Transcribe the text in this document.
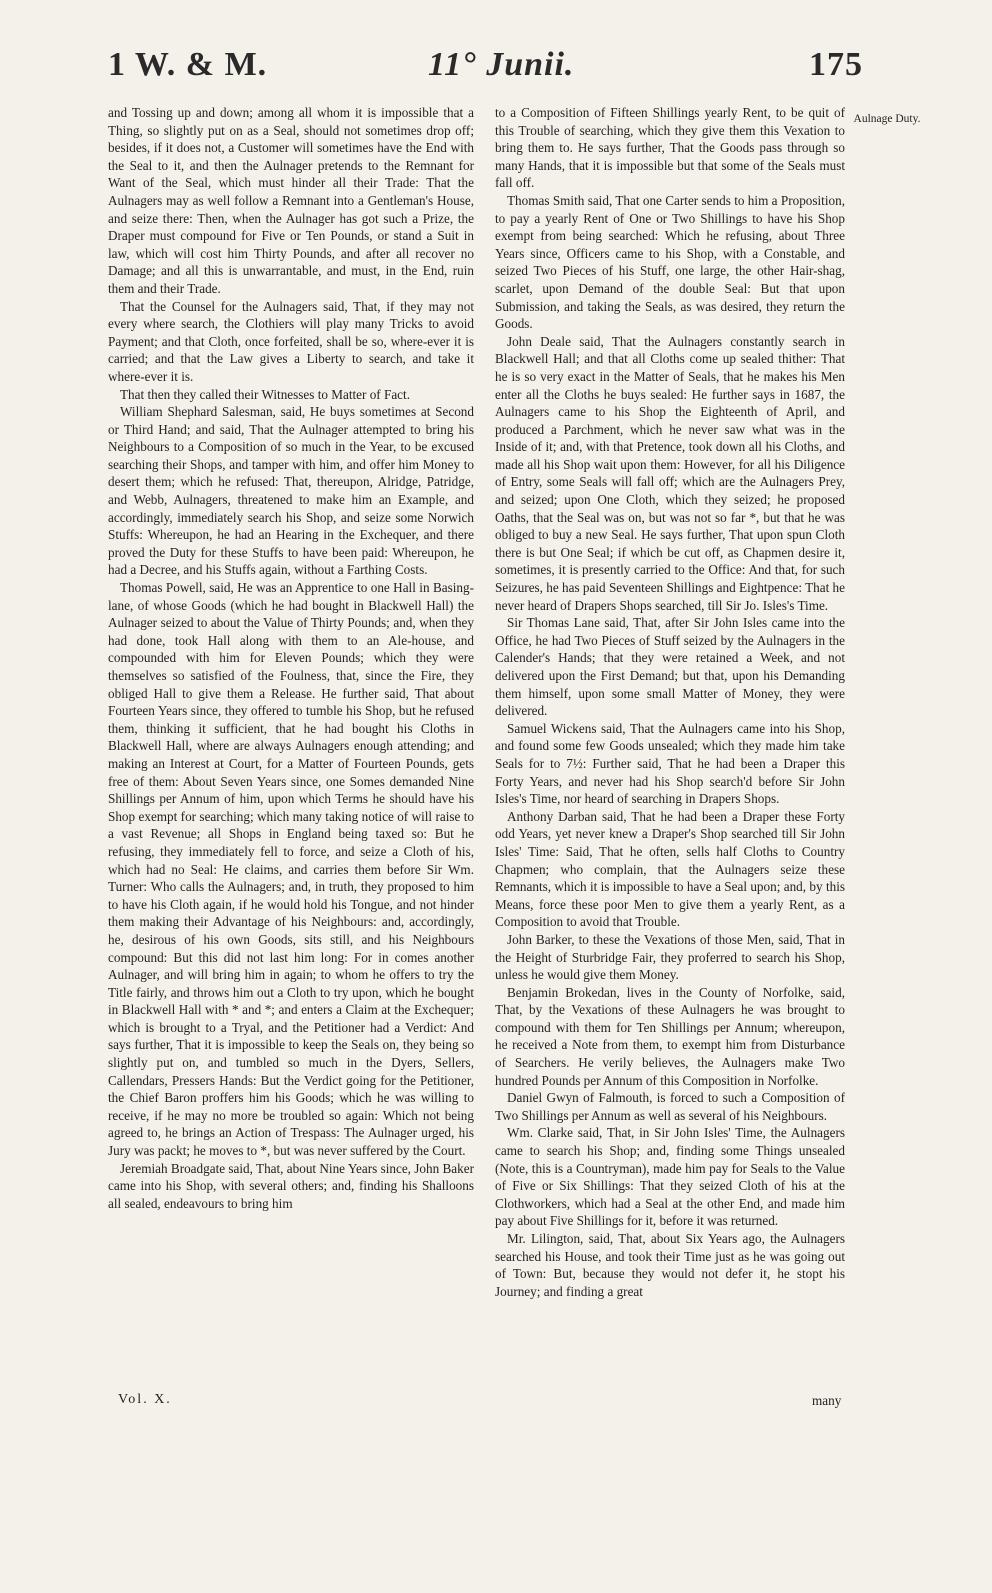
1 W. & M.	11° Junii.	175
Aulnage Duty.

and Tossing up and down; among all whom it is impossible that a Thing, so slightly put on as a Seal, should not sometimes drop off; besides, if it does not, a Customer will sometimes have the End with the Seal to it, and then the Aulnager pretends to the Remnant for Want of the Seal, which must hinder all their Trade: That the Aulnagers may as well follow a Remnant into a Gentleman's House, and seize there: Then, when the Aulnager has got such a Prize, the Draper must compound for Five or Ten Pounds, or stand a Suit in law, which will cost him Thirty Pounds, and after all recover no Damage; and all this is unwarrantable, and must, in the End, ruin them and their Trade.

That the Counsel for the Aulnagers said, That, if they may not every where search, the Clothiers will play many Tricks to avoid Payment; and that Cloth, once forfeited, shall be so, where-ever it is carried; and that the Law gives a Liberty to search, and take it where-ever it is.

That then they called their Witnesses to Matter of Fact.

William Shephard Salesman, said, He buys sometimes at Second or Third Hand; and said, That the Aulnager attempted to bring his Neighbours to a Composition of so much in the Year, to be excused searching their Shops, and tamper with him, and offer him Money to desert them; which he refused: That, thereupon, Alridge, Patridge, and Webb, Aulnagers, threatened to make him an Example, and accordingly, immediately search his Shop, and seize some Norwich Stuffs: Whereupon, he had an Hearing in the Exchequer, and there proved the Duty for these Stuffs to have been paid: Whereupon, he had a Decree, and his Stuffs again, without a Farthing Costs.

Thomas Powell, said, He was an Apprentice to one Hall in Basing-lane, of whose Goods (which he had bought in Blackwell Hall) the Aulnager seized to about the Value of Thirty Pounds; and, when they had done, took Hall along with them to an Ale-house, and compounded with him for Eleven Pounds; which they were themselves so satisfied of the Foulness, that, since the Fire, they obliged Hall to give them a Release. He further said, That about Fourteen Years since, they offered to tumble his Shop, but he refused them, thinking it sufficient, that he had bought his Cloths in Blackwell Hall, where are always Aulnagers enough attending; and making an Interest at Court, for a Matter of Fourteen Pounds, gets free of them: About Seven Years since, one Somes demanded Nine Shillings per Annum of him, upon which Terms he should have his Shop exempt for searching; which many taking notice of will raise to a vast Revenue; all Shops in England being taxed so: But he refusing, they immediately fell to force, and seize a Cloth of his, which had no Seal: He claims, and carries them before Sir Wm. Turner: Who calls the Aulnagers; and, in truth, they proposed to him to have his Cloth again, if he would hold his Tongue, and not hinder them making their Advantage of his Neighbours: and, accordingly, he, desirous of his own Goods, sits still, and his Neighbours compound: But this did not last him long: For in comes another Aulnager, and will bring him in again; to whom he offers to try the Title fairly, and throws him out a Cloth to try upon, which he bought in Blackwell Hall with * and *; and enters a Claim at the Exchequer; which is brought to a Tryal, and the Petitioner had a Verdict: And says further, That it is impossible to keep the Seals on, they being so slightly put on, and tumbled so much in the Dyers, Sellers, Callendars, Pressers Hands: But the Verdict going for the Petitioner, the Chief Baron proffers him his Goods; which he was willing to receive, if he may no more be troubled so again: Which not being agreed to, he brings an Action of Trespass: The Aulnager urged, his Jury was packt; he moves to *, but was never suffered by the Court.

Jeremiah Broadgate said, That, about Nine Years since, John Baker came into his Shop, with several others; and, finding his Shalloons all sealed, endeavours to bring him

to a Composition of Fifteen Shillings yearly Rent, to be quit of this Trouble of searching, which they give them this Vexation to bring them to. He says further, That the Goods pass through so many Hands, that it is impossible but that some of the Seals must fall off.

Thomas Smith said, That one Carter sends to him a Proposition, to pay a yearly Rent of One or Two Shillings to have his Shop exempt from being searched: Which he refusing, about Three Years since, Officers came to his Shop, with a Constable, and seized Two Pieces of his Stuff, one large, the other Hair-shag, scarlet, upon Demand of the double Seal: But that upon Submission, and taking the Seals, as was desired, they return the Goods.

John Deale said, That the Aulnagers constantly search in Blackwell Hall; and that all Cloths come up sealed thither: That he is so very exact in the Matter of Seals, that he makes his Men enter all the Cloths he buys sealed: He further says in 1687, the Aulnagers came to his Shop the Eighteenth of April, and produced a Parchment, which he never saw what was in the Inside of it; and, with that Pretence, took down all his Cloths, and made all his Shop wait upon them: However, for all his Diligence of Entry, some Seals will fall off; which are the Aulnagers Prey, and seized; upon One Cloth, which they seized; he proposed Oaths, that the Seal was on, but was not so far *, but that he was obliged to buy a new Seal. He says further, That upon spun Cloth there is but One Seal; if which be cut off, as Chapmen desire it, sometimes, it is presently carried to the Office: And that, for such Seizures, he has paid Seventeen Shillings and Eightpence: That he never heard of Drapers Shops searched, till Sir Jo. Isles's Time.

Sir Thomas Lane said, That, after Sir John Isles came into the Office, he had Two Pieces of Stuff seized by the Aulnagers in the Calender's Hands; that they were retained a Week, and not delivered upon the First Demand; but that, upon his Demanding them himself, upon some small Matter of Money, they were delivered.

Samuel Wickens said, That the Aulnagers came into his Shop, and found some few Goods unsealed; which they made him take Seals for to 7½: Further said, That he had been a Draper this Forty Years, and never had his Shop search'd before Sir John Isles's Time, nor heard of searching in Drapers Shops.

Anthony Darban said, That he had been a Draper these Forty odd Years, yet never knew a Draper's Shop searched till Sir John Isles' Time: Said, That he often, sells half Cloths to Country Chapmen; who complain, that the Aulnagers seize these Remnants, which it is impossible to have a Seal upon; and, by this Means, force these poor Men to give them a yearly Rent, as a Composition to avoid that Trouble.

John Barker, to these the Vexations of those Men, said, That in the Height of Sturbridge Fair, they proferred to search his Shop, unless he would give them Money.

Benjamin Brokedan, lives in the County of Norfolke, said, That, by the Vexations of these Aulnagers he was brought to compound with them for Ten Shillings per Annum; whereupon, he received a Note from them, to exempt him from Disturbance of Searchers. He verily believes, the Aulnagers make Two hundred Pounds per Annum of this Composition in Norfolke.

Daniel Gwyn of Falmouth, is forced to such a Composition of Two Shillings per Annum as well as several of his Neighbours.

Wm. Clarke said, That, in Sir John Isles' Time, the Aulnagers came to search his Shop; and, finding some Things unsealed (Note, this is a Countryman), made him pay for Seals to the Value of Five or Six Shillings: That they seized Cloth of his at the Clothworkers, which had a Seal at the other End, and made him pay about Five Shillings for it, before it was returned.

Mr. Lilington, said, That, about Six Years ago, the Aulnagers searched his House, and took their Time just as he was going out of Town: But, because they would not defer it, he stopt his Journey; and finding a great

Vol. X.	many
